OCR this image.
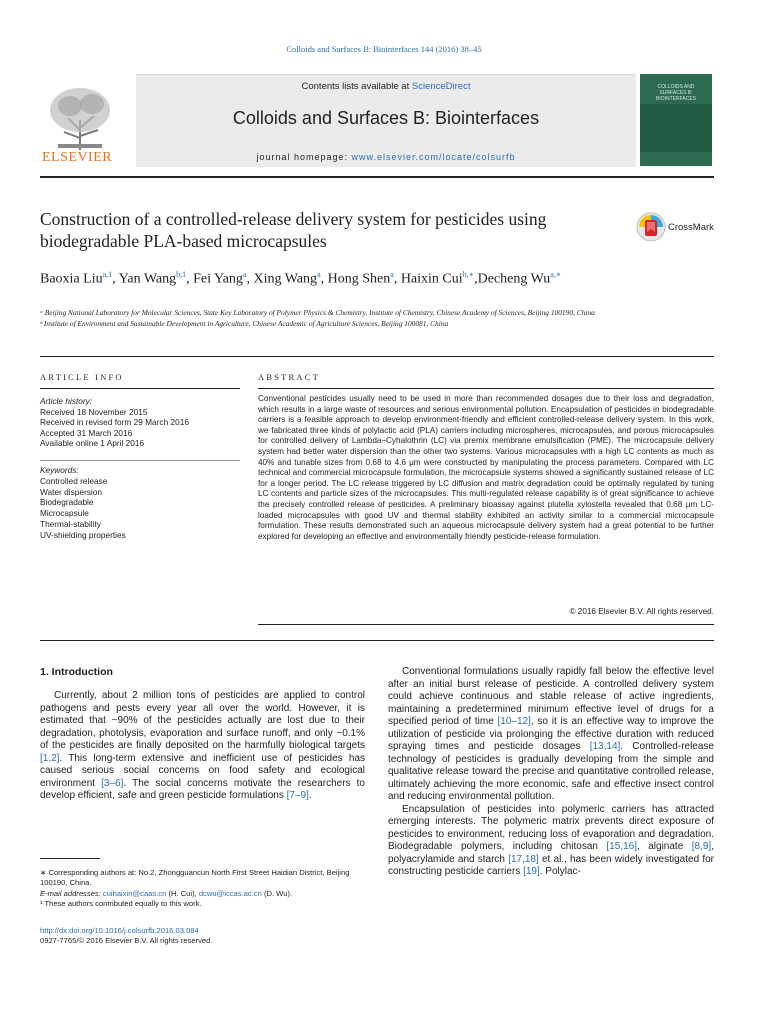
Colloids and Surfaces B: Biointerfaces 144 (2016) 38–45
ELSEVIER
Contents lists available at ScienceDirect
Colloids and Surfaces B: Biointerfaces
journal homepage: www.elsevier.com/locate/colsurfb
COLLOIDS AND SURFACES B: BIOINTERFACES
Construction of a controlled-release delivery system for pesticides using biodegradable PLA-based microcapsules
CrossMark
Baoxia Liu$^{a,1}$, Yan Wang$^{b,1}$, Fei Yang$^a$, Xing Wang$^a$, Hong Shen$^a$, Haixin Cui$^{b,∗}$,Decheng $Wu^{a,∗}$

ᵃ Beijing National Laboratory for Molecular Sciences, State Key Laboratory of Polymer Physics & Chemistry, Institute of Chemistry, Chinese Academy of Sciences, Beijing 100190, China

ᵇ Institute of Environment and Sustainable Development in Agriculture, Chinese Academic of Agriculture Sciences, Beijing 100081, China

ARTICLE INFO
Article history:
Received 18 November 2015
Received in revised form 29 March 2016
Accepted 31 March 2016
Available online 1 April 2016
Keywords:
Controlled release
Water dispersion
Biodegradable
Microcapsule
Thermal-stability
UV-shielding properties
ABSTRACT
Conventional pesticides usually need to be used in more than recommended dosages due to their loss and degradation, which results in a large waste of resources and serious environmental pollution. Encapsulation of pesticides in biodegradable carriers is a feasible approach to develop environment-friendly and efficient controlled-release delivery system. In this work, we fabricated three kinds of polylactic acid (PLA) carriers including microspheres, microcapsules, and porous microcapsules for controlled delivery of Lambda–Cyhalothrin (LC) via premix membrane emulsification (PME). The microcapsule delivery system had better water dispersion than the other two systems. Various microcapsules with a high LC contents as much as 40% and tunable sizes from 0.68 to 4.6 μm were constructed by manipulating the process parameters. Compared with LC technical and commercial microcapsule formulation, the microcapsule systems showed a significantly sustained release of LC for a longer period. The LC release triggered by LC diffusion and matrix degradation could be optimally regulated by tuning LC contents and particle sizes of the microcapsules. This multi-regulated release capability is of great significance to achieve the precisely controlled release of pesticides. A preliminary bioassay against plutella xylostella revealed that 0.68 μm LC-loaded microcapsules with good UV and thermal stability exhibited an activity similar to a commercial microcapsule formulation. These results demonstrated such an aqueous microcapsule delivery system had a great potential to be further explored for developing an effective and environmentally friendly pesticide-release formulation.
© 2016 Elsevier B.V. All rights reserved.
1. Introduction

Currently, about 2 million tons of pesticides are applied to control pathogens and pests every year all over the world. However, it is estimated that ~90% of the pesticides actually are lost due to their degradation, photolysis, evaporation and surface runoff, and only ~0.1% of the pesticides are finally deposited on the harmfully biological targets [1,2]. This long-term extensive and inefficient use of pesticides has caused serious social concerns on food safety and ecological environment [3–6]. The social concerns motivate the researchers to develop efficient, safe and green pesticide formulations [7–9].

Conventional formulations usually rapidly fall below the effective level after an initial burst release of pesticide. A controlled delivery system could achieve continuous and stable release of active ingredients, maintaining a predetermined minimum effective level of drugs for a specified period of time [10–12], so it is an effective way to improve the utilization of pesticide via prolonging the effective duration with reduced spraying times and pesticide dosages [13,14]. Controlled-release technology of pesticides is gradually developing from the simple and qualitative release toward the precise and quantitative controlled release, ultimately achieving the more economic, safe and effective insect control and reducing environmental pollution.

Encapsulation of pesticides into polymeric carriers has attracted emerging interests. The polymeric matrix prevents direct exposure of pesticides to environment, reducing loss of evaporation and degradation. Biodegradable polymers, including chitosan [15,16], alginate [8,9], polyacrylamide and starch [17,18] et al., has been widely investigated for constructing pesticide carriers [19]. Polylac-

∗ Corresponding authors at: No.2, Zhongguancun North First Street Haidian District, Beijing 100190, China.

E-mail addresses: cuihaixin@caas.cn (H. Cui), dcwu@iccas.ac.cn (D. Wu).

¹ These authors contributed equally to this work.

http://dx.doi.org/10.1016/j.colsurfb.2016.03.084
0927-7765/© 2016 Elsevier B.V. All rights reserved.
